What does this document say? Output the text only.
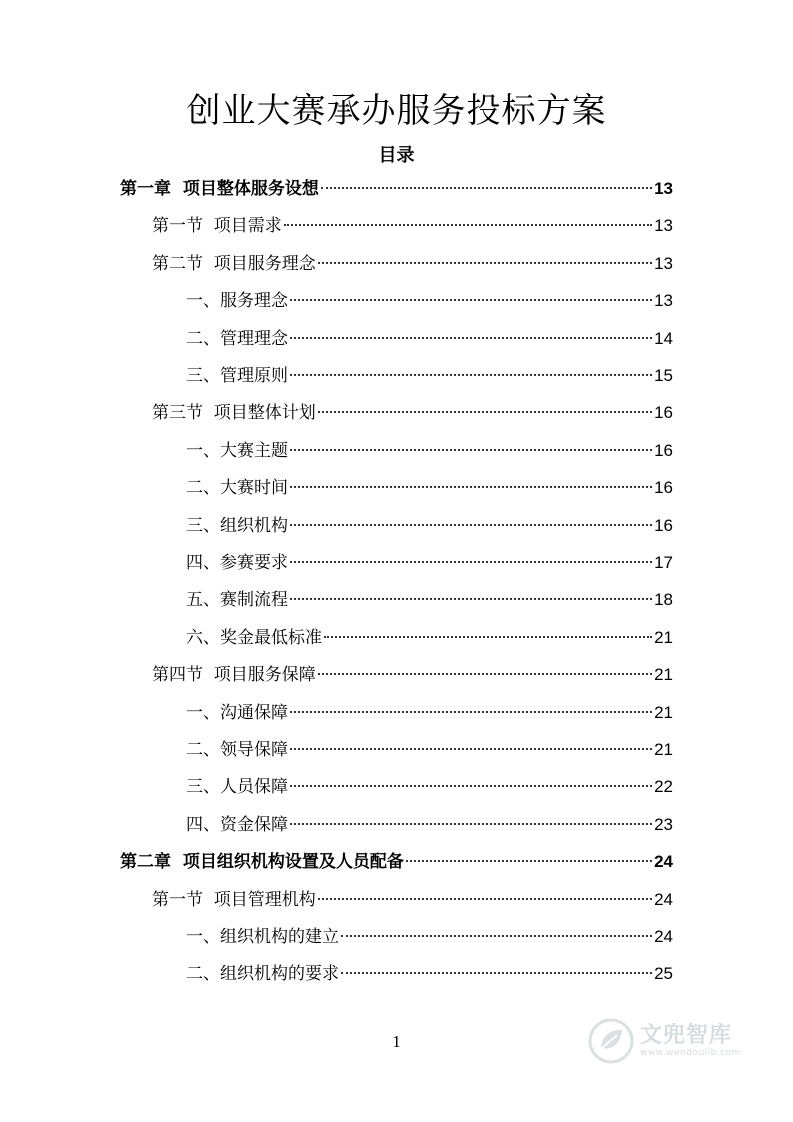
创业大赛承办服务投标方案
目录
第一章  项目整体服务设想	13
第一节  项目需求	13
第二节  项目服务理念	13
一、服务理念	13
二、管理理念	14
三、管理原则	15
第三节  项目整体计划	16
一、大赛主题	16
二、大赛时间	16
三、组织机构	16
四、参赛要求	17
五、赛制流程	18
六、奖金最低标准	21
第四节  项目服务保障	21
一、沟通保障	21
二、领导保障	21
三、人员保障	22
四、资金保障	23
第二章  项目组织机构设置及人员配备	24
第一节  项目管理机构	24
一、组织机构的建立	24
二、组织机构的要求	25
1	文兜智库
www.wendoulib.com
